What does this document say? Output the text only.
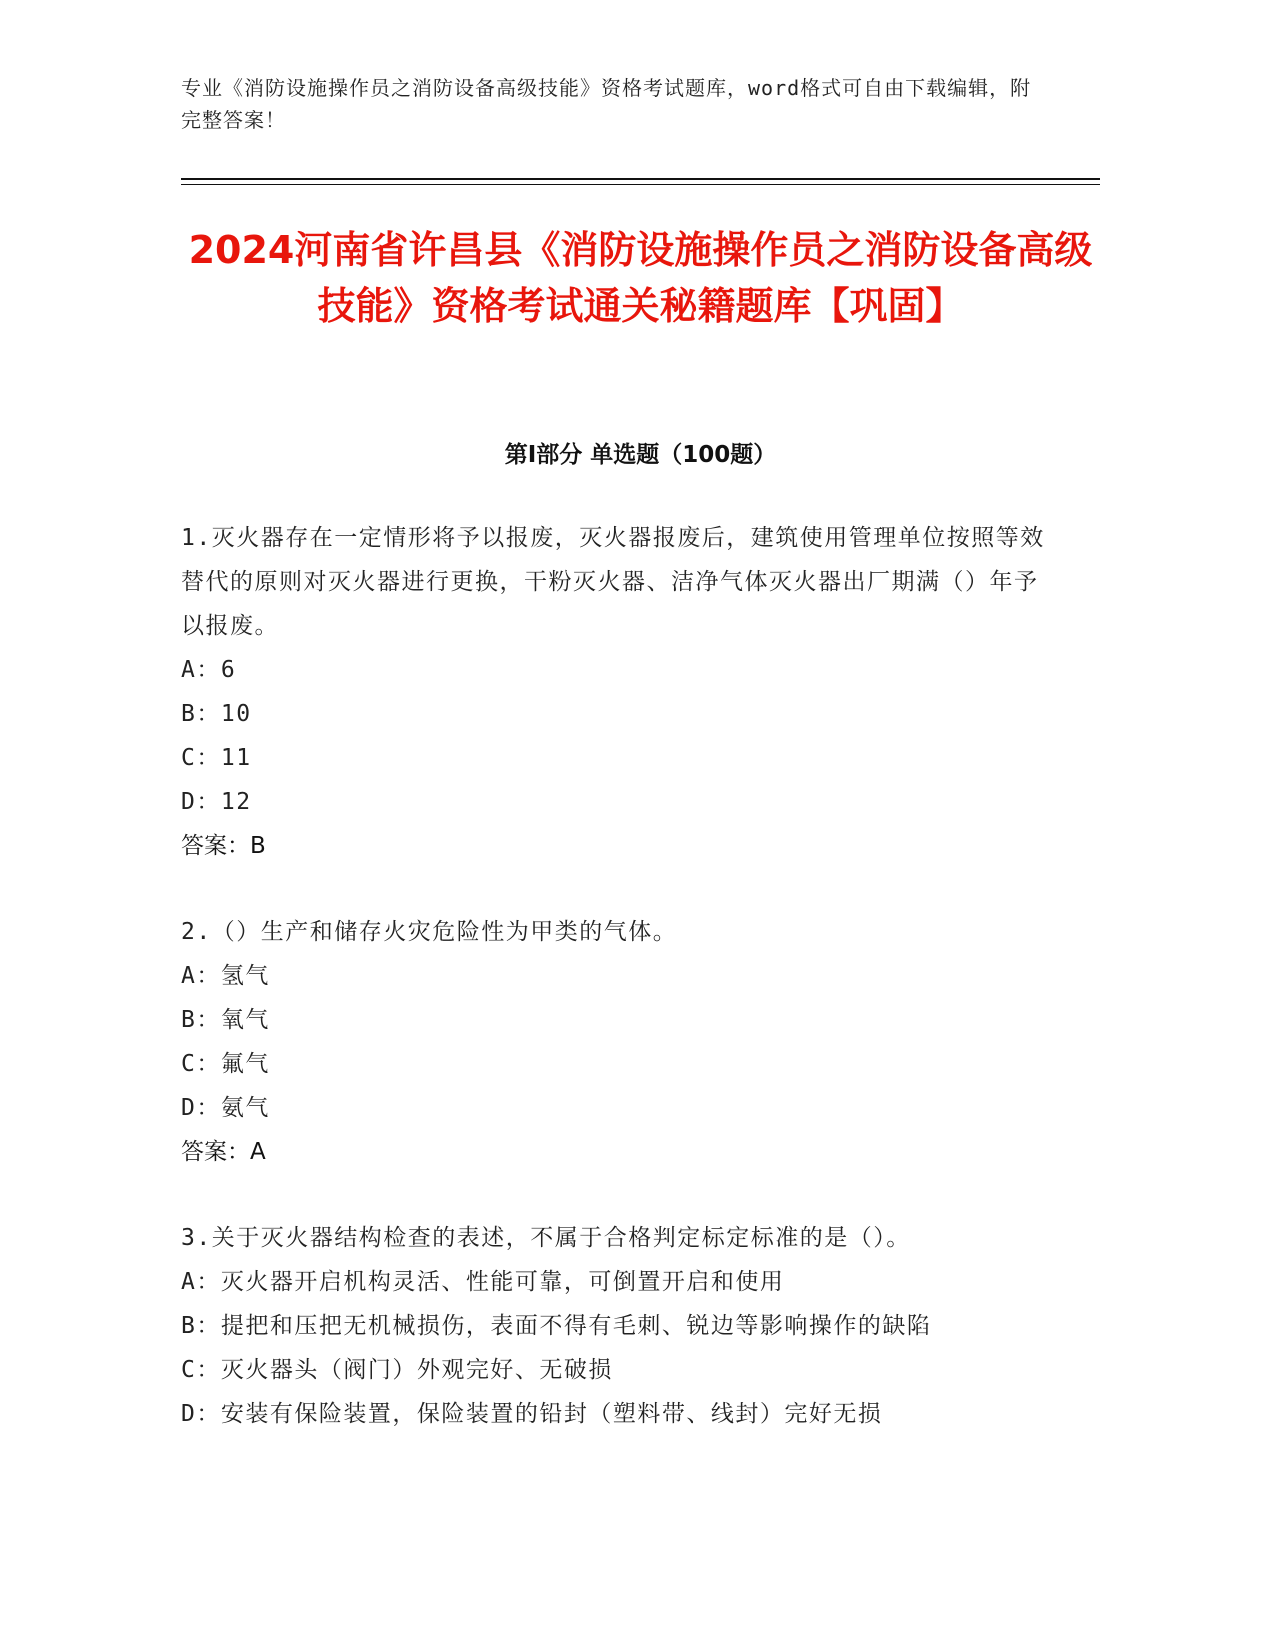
专业《消防设施操作员之消防设备高级技能》资格考试题库，word格式可自由下载编辑，附完整答案！
2024河南省许昌县《消防设施操作员之消防设备高级技能》资格考试通关秘籍题库【巩固】
第I部分 单选题（100题）

1.灭火器存在一定情形将予以报废，灭火器报废后，建筑使用管理单位按照等效替代的原则对灭火器进行更换，干粉灭火器、洁净气体灭火器出厂期满（）年予以报废。

A：6

B：10

C：11

D：12

答案：B

2.（）生产和储存火灾危险性为甲类的气体。

A：氢气

B：氧气

C：氟气

D：氨气

答案：A

3.关于灭火器结构检查的表述，不属于合格判定标定标准的是（）。

A：灭火器开启机构灵活、性能可靠，可倒置开启和使用

B：提把和压把无机械损伤，表面不得有毛刺、锐边等影响操作的缺陷

C：灭火器头（阀门）外观完好、无破损

D：安装有保险装置，保险装置的铅封（塑料带、线封）完好无损
